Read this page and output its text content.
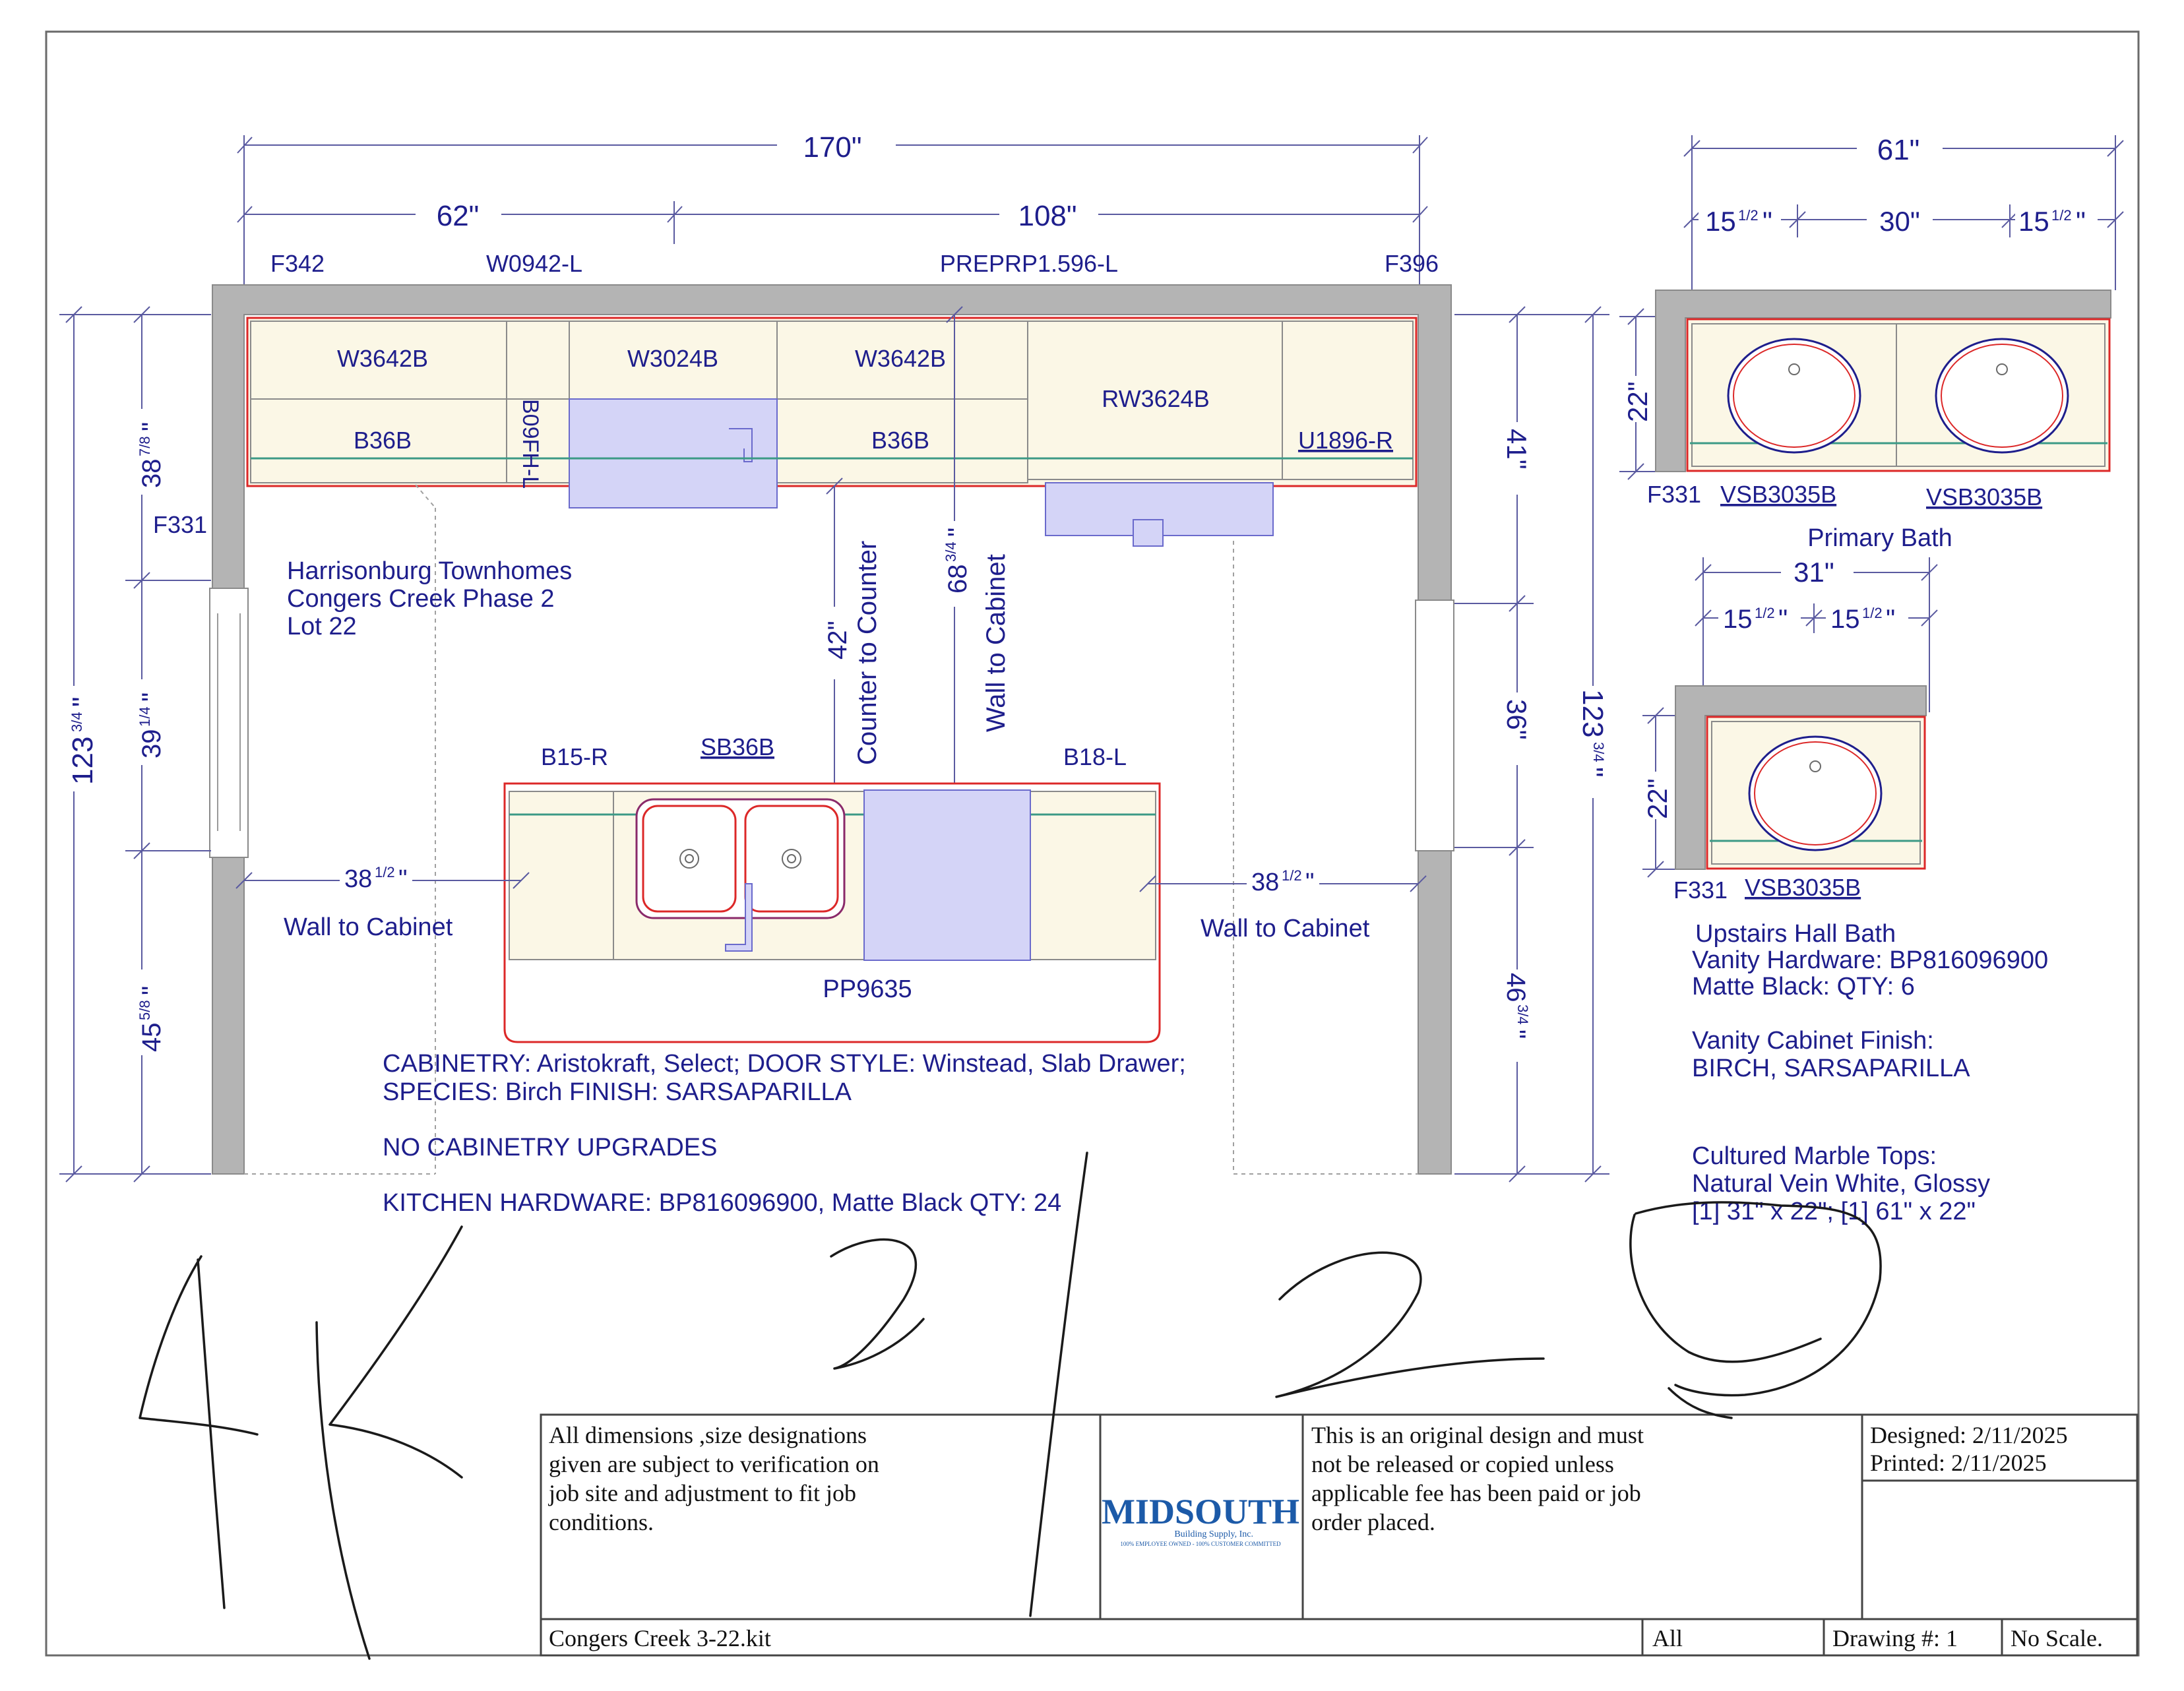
170"
62"	108"
F342	W0942-L	PREPRP1.596-L	F396
W3642B	W3024B	W3642B
RW3624B
B36B	B09FH-L	B36B	U1896-R
F331
123
3/4
"
38
7/8
"
39
1/4
"
45
5/8
"
123
3/4
"
41"
36"
46
3/4
"
42" Counter to Counter 68
3/4
"
Wall to Cabinet
Harrisonburg Townhomes
Congers Creek Phase 2
Lot 22
B15-R	SB36B	B18-L
PP9635
38 1/2 "	38 1/2 "
Wall to Cabinet	Wall to Cabinet
CABINETRY: Aristokraft, Select; DOOR STYLE: Winstead, Slab Drawer;
SPECIES: Birch FINISH: SARSAPARILLA
NO CABINETRY UPGRADES
KITCHEN HARDWARE: BP816096900, Matte Black QTY: 24
61"
15 1/2 "	30"	15 1/2 "
22"
F331 VSB3035B	VSB3035B
Primary Bath
31"
15 1/2 " 15 1/2 "
22"
F331 VSB3035B
Upstairs Hall Bath
Vanity Hardware: BP816096900
Matte Black: QTY: 6
Vanity Cabinet Finish:
BIRCH, SARSAPARILLA
Cultured Marble Tops:
Natural Vein White, Glossy
[1] 31" x 22"; [1] 61" x 22"
All dimensions ,size designations
given are subject to verification on
job site and adjustment to fit job
conditions.	MIDSOUTH
Building Supply, Inc.
100% EMPLOYEE OWNED - 100% CUSTOMER COMMITTED
This is an original design and must
not be released or copied unless
applicable fee has been paid or job
order placed.
Designed: 2/11/2025
Printed: 2/11/2025
Congers Creek 3-22.kit	All	Drawing #: 1 No Scale.
